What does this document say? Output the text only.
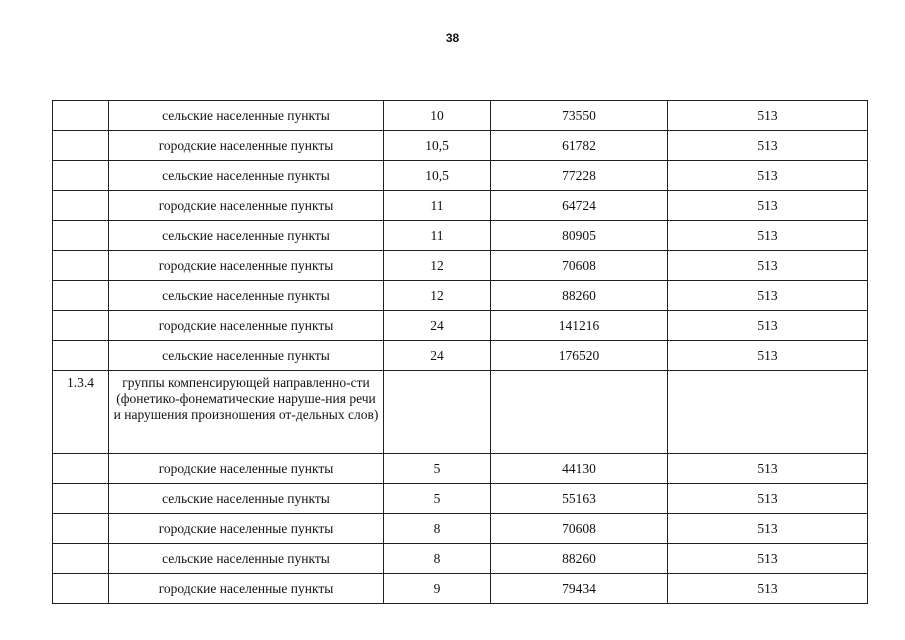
38
	сельские населенные пункты	10	73550	513
	городские населенные пункты	10,5	61782	513
	сельские населенные пункты	10,5	77228	513
	городские населенные пункты	11	64724	513
	сельские населенные пункты	11	80905	513
	городские населенные пункты	12	70608	513
	сельские населенные пункты	12	88260	513
	городские населенные пункты	24	141216	513
	сельские населенные пункты	24	176520	513
1.3.4	группы компенсирующей направленно-сти (фонетико-фонематические наруше-ния речи и нарушения произношения от-дельных слов)			
	городские населенные пункты	5	44130	513
	сельские населенные пункты	5	55163	513
	городские населенные пункты	8	70608	513
	сельские населенные пункты	8	88260	513
	городские населенные пункты	9	79434	513
